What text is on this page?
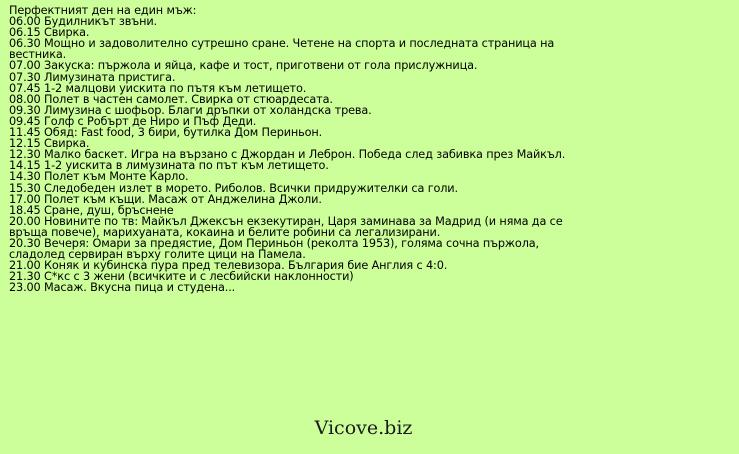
Перфектният ден на един мъж:
06.00 Будилникът звъни.
06.15 Свирка.
06.30 Мощно и задоволително сутрешно сране. Четене на спорта и последната страница на вестника.
07.00 Закуска: пържола и яйца, кафе и тост, приготвени от гола прислужница.
07.30 Лимузината пристига.
07.45 1-2 малцови уискита по пътя към летището.
08.00 Полет в частен самолет. Свирка от стюардесата.
09.30 Лимузина с шофьор. Благи дръпки от холандска трева.
09.45 Голф с Робърт де Ниро и Пъф Деди.
11.45 Обяд: Fast food, 3 бири, бутилка Дом Периньон.
12.15 Свирка.
12.30 Малко баскет. Игра на вързано с Джордан и Леброн. Победа след забивка през Майкъл.
14.15 1-2 уискита в лимузината по път към летището.
14.30 Полет към Монте Карло.
15.30 Следобеден излет в морето. Риболов. Всички придружителки са голи.
17.00 Полет към къщи. Масаж от Анджелина Джоли.
18.45 Сране, душ, бръснене
20.00 Новините по тв: Майкъл Джексън екзекутиран, Царя заминава за Мадрид (и няма да се връща повече), марихуаната, кокаина и белите робини са легализирани.
20.30 Вечеря: Омари за предястие, Дом Периньон (реколта 1953), голяма сочна пържола, сладолед сервиран върху голите цици на Памела.
21.00 Коняк и кубинска пура пред телевизора. България бие Англия с 4:0.
21.30 С*кс с 3 жени (всичките и с лесбийски наклонности)
23.00 Масаж. Вкусна пица и студена...
Vicove.biz
